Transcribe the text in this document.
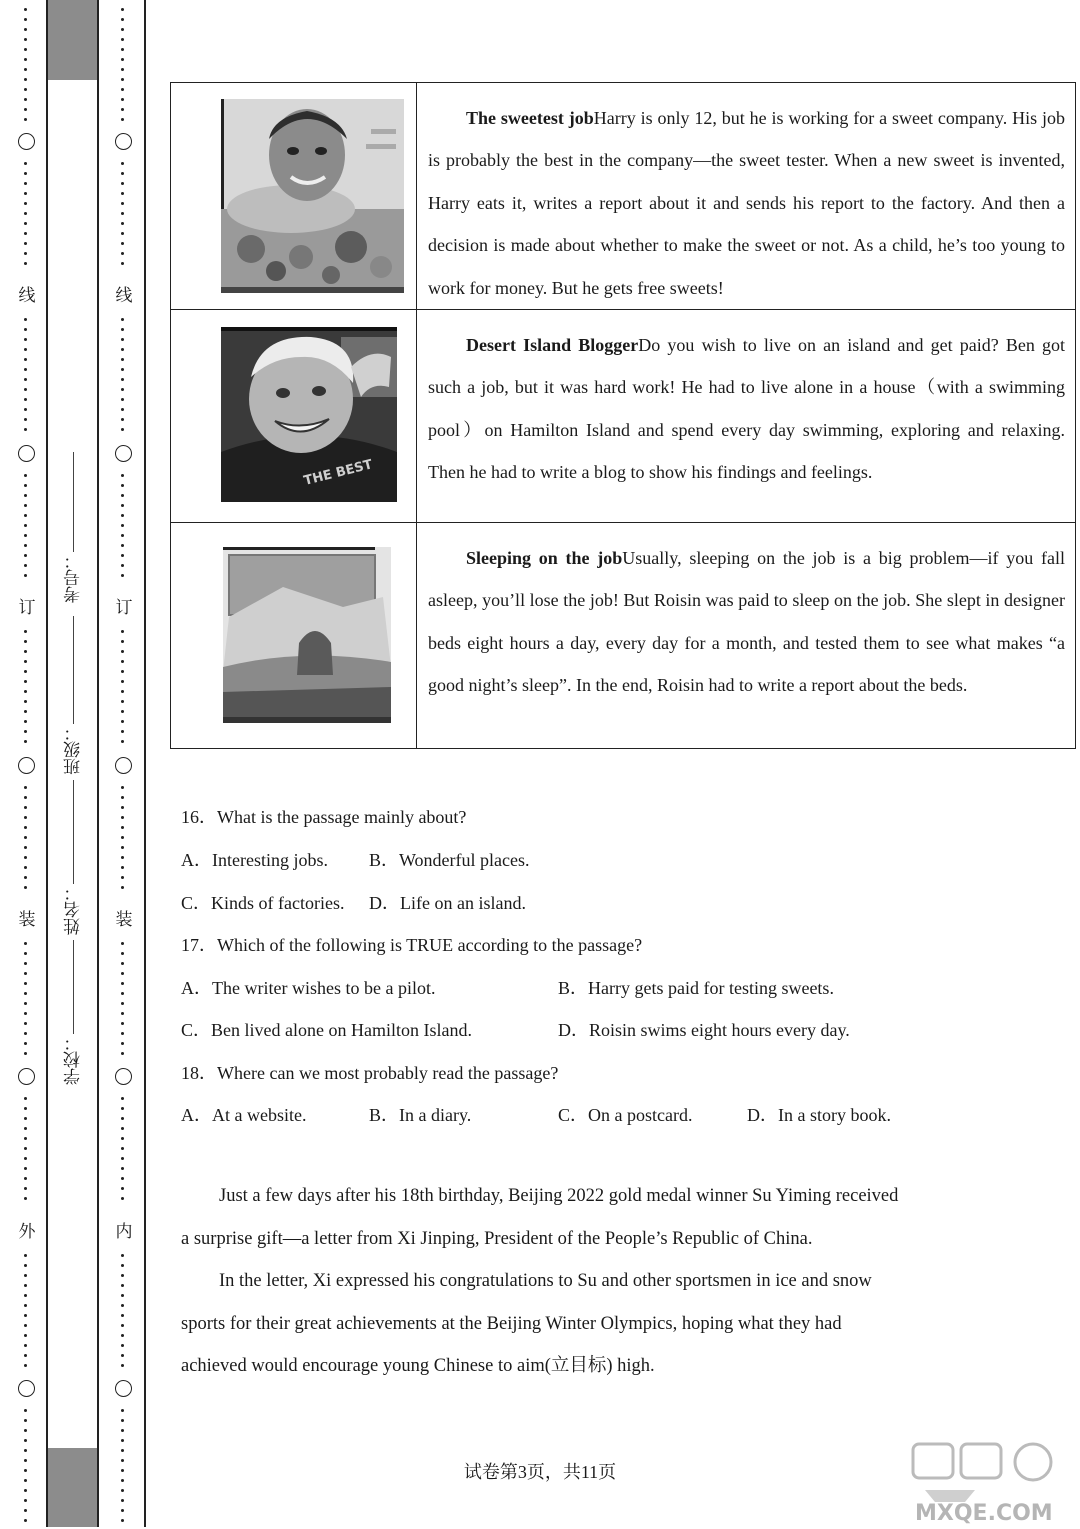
线
订
装
外
线
订
装
内
考号：
班级：
姓名：
学校：
	The sweetest jobHarry is only 12, but he is working for a sweet company. His job is probably the best in the company—the sweet tester. When a new sweet is invented, Harry eats it, writes a report about it and sends his report to the factory. And then a decision is made about whether to make the sweet or not. As a child, he’s too young to work for money. But he gets free sweets!

THE BEST	Desert Island BloggerDo you wish to live on an island and get paid? Ben got such a job, but it was hard work! He had to live alone in a house（with a swimming pool）on Hamilton Island and spend every day swimming, exploring and relaxing. Then he had to write a blog to show his findings and feelings.

	Sleeping on the jobUsually, sleeping on the job is a big problem—if you fall asleep, you’ll lose the job! But Roisin was paid to sleep on the job. She slept in designer beds eight hours a day, every day for a month, and tested them to see what makes “a good night’s sleep”. In the end, Roisin had to write a report about the beds.
16．What is the passage mainly about?
A．Interesting jobs. B．Wonderful places.
C．Kinds of factories. D．Life on an island.
17．Which of the following is TRUE according to the passage?
A．The writer wishes to be a pilot.	B．Harry gets paid for testing sweets.
C．Ben lived alone on Hamilton Island.	D．Roisin swims eight hours every day.
18．Where can we most probably read the passage?
A．At a website.	B．In a diary.	C．On a postcard.	D．In a story book.

Just a few days after his 18th birthday, Beijing 2022 gold medal winner Su Yiming received a surprise gift—a letter from Xi Jinping, President of the People’s Republic of China.

In the letter, Xi expressed his congratulations to Su and other sportsmen in ice and snow sports for their great achievements at the Beijing Winter Olympics, hoping what they had achieved would encourage young Chinese to aim(立目标) high.

试卷第3页，共11页
MXQE.COM
